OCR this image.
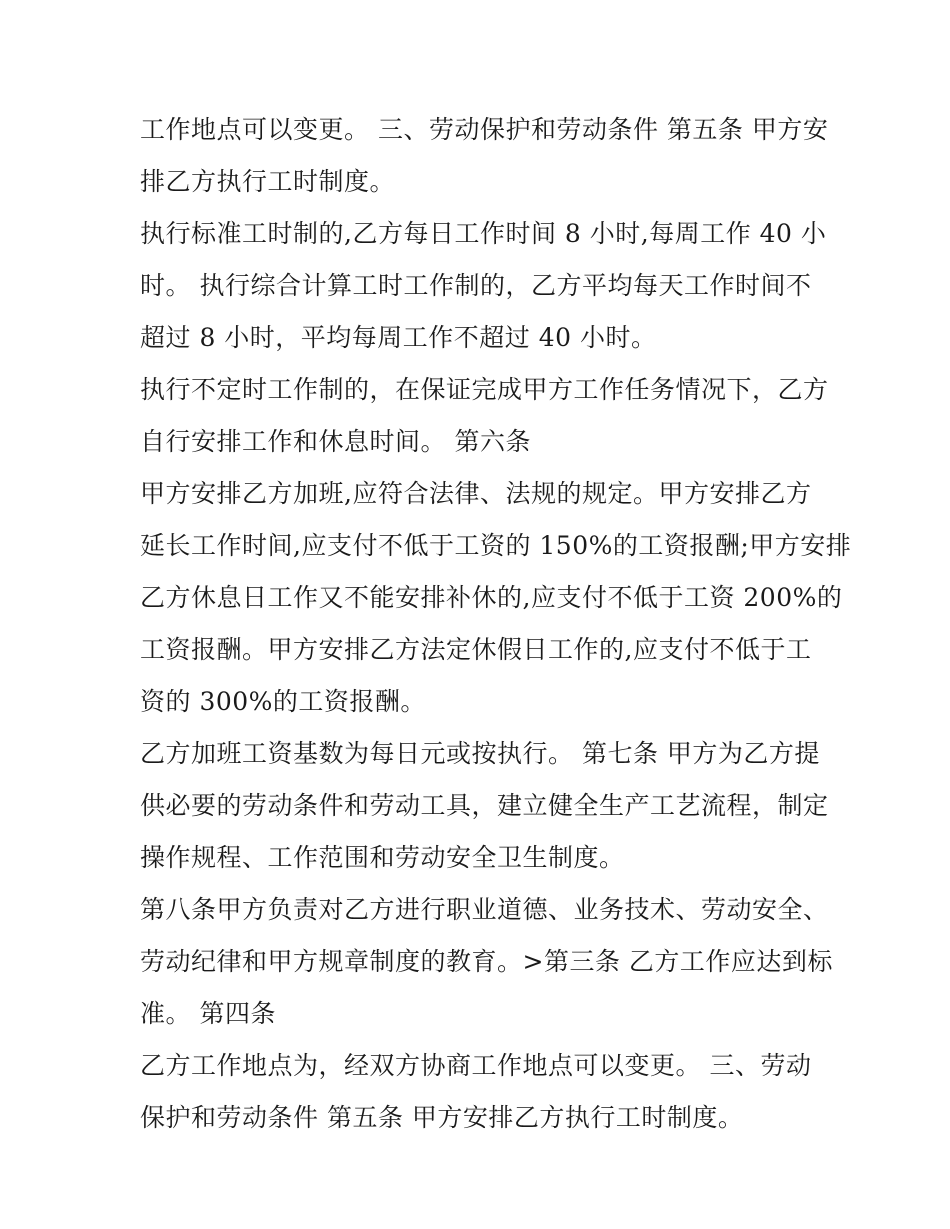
工作地点可以变更。 三、劳动保护和劳动条件 第五条 甲方安
排乙方执行工时制度。
执行标准工时制的,乙方每日工作时间 8 小时,每周工作 40 小
时。 执行综合计算工时工作制的，乙方平均每天工作时间不
超过 8 小时，平均每周工作不超过 40 小时。
执行不定时工作制的，在保证完成甲方工作任务情况下，乙方
自行安排工作和休息时间。 第六条
甲方安排乙方加班,应符合法律、法规的规定。甲方安排乙方
延长工作时间,应支付不低于工资的 150%的工资报酬;甲方安排
乙方休息日工作又不能安排补休的,应支付不低于工资 200%的
工资报酬。甲方安排乙方法定休假日工作的,应支付不低于工
资的 300%的工资报酬。
乙方加班工资基数为每日元或按执行。 第七条 甲方为乙方提
供必要的劳动条件和劳动工具，建立健全生产工艺流程，制定
操作规程、工作范围和劳动安全卫生制度。
第八条甲方负责对乙方进行职业道德、业务技术、劳动安全、
劳动纪律和甲方规章制度的教育。>第三条 乙方工作应达到标
准。 第四条
乙方工作地点为，经双方协商工作地点可以变更。 三、劳动
保护和劳动条件 第五条 甲方安排乙方执行工时制度。
